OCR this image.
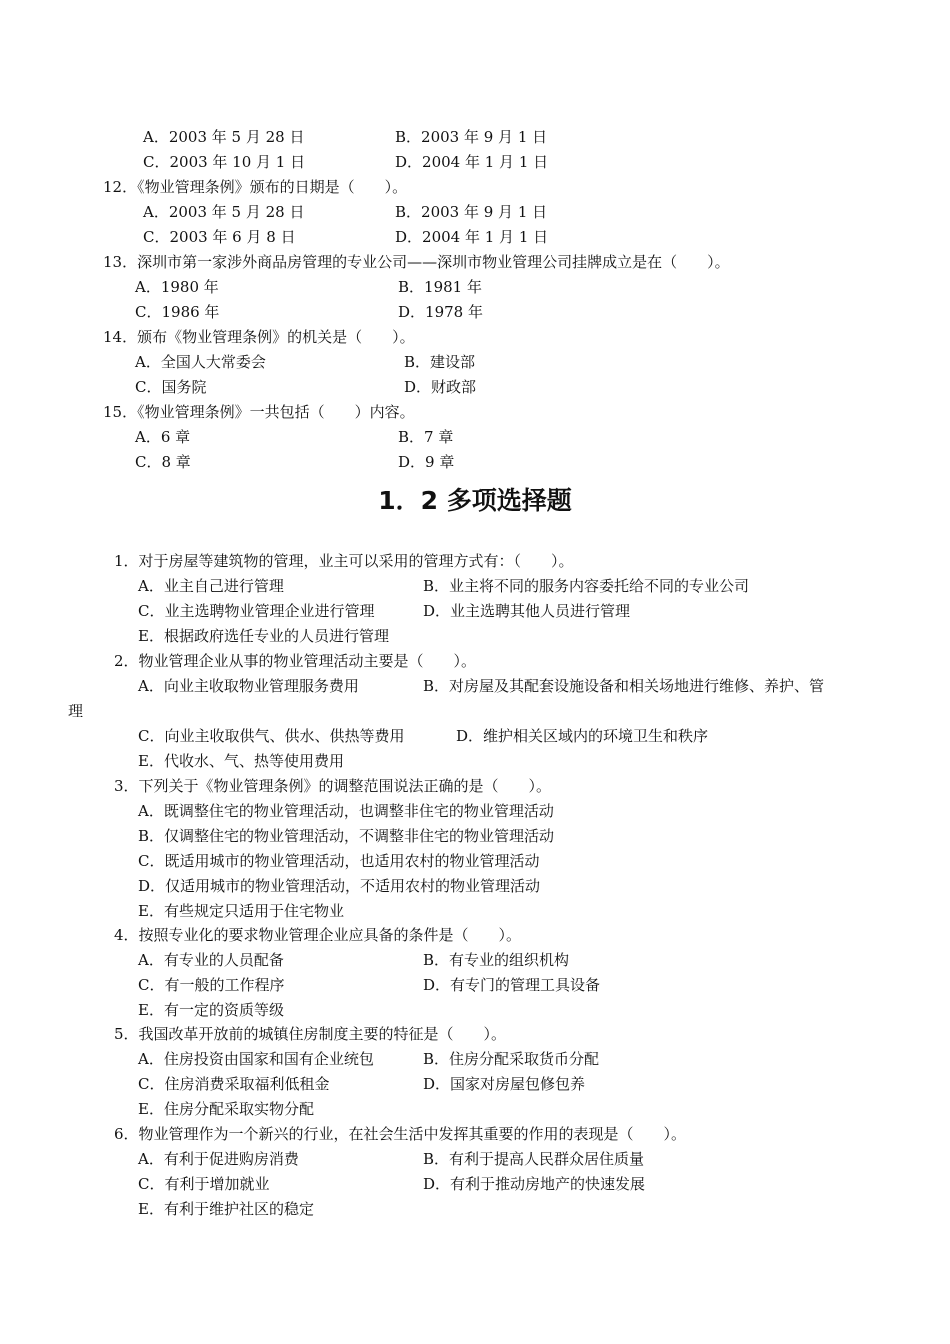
A．2003 年 5 月 28 日	B．2003 年 9 月 1 日
C．2003 年 10 月 1 日	D．2004 年 1 月 1 日
12．《物业管理条例》颁布的日期是（　　）。
A．2003 年 5 月 28 日	B．2003 年 9 月 1 日
C．2003 年 6 月 8 日	D．2004 年 1 月 1 日
13．深圳市第一家涉外商品房管理的专业公司——深圳市物业管理公司挂牌成立是在（　　）。
A．1980 年	B．1981 年
C．1986 年	D．1978 年
14．颁布《物业管理条例》的机关是（　　）。
A．全国人大常委会	B．建设部
C．国务院	D．财政部
15．《物业管理条例》一共包括（　　）内容。
A．6 章	B．7 章
C．8 章	D．9 章
1．2 多项选择题
1．对于房屋等建筑物的管理，业主可以采用的管理方式有：（　　）。
A．业主自己进行管理	B．业主将不同的服务内容委托给不同的专业公司
C．业主选聘物业管理企业进行管理	D．业主选聘其他人员进行管理
E．根据政府选任专业的人员进行管理
2．物业管理企业从事的物业管理活动主要是（　　）。
A．向业主收取物业管理服务费用	B．对房屋及其配套设施设备和相关场地进行维修、养护、管
理
C．向业主收取供气、供水、供热等费用	D．维护相关区域内的环境卫生和秩序
E．代收水、气、热等使用费用
3．下列关于《物业管理条例》的调整范围说法正确的是（　　）。
A．既调整住宅的物业管理活动，也调整非住宅的物业管理活动
B．仅调整住宅的物业管理活动，不调整非住宅的物业管理活动
C．既适用城市的物业管理活动，也适用农村的物业管理活动
D．仅适用城市的物业管理活动，不适用农村的物业管理活动
E．有些规定只适用于住宅物业
4．按照专业化的要求物业管理企业应具备的条件是（　　）。
A．有专业的人员配备	B．有专业的组织机构
C．有一般的工作程序	D．有专门的管理工具设备
E．有一定的资质等级
5．我国改革开放前的城镇住房制度主要的特征是（　　）。
A．住房投资由国家和国有企业统包	B．住房分配采取货币分配
C．住房消费采取福利低租金	D．国家对房屋包修包养
E．住房分配采取实物分配
6．物业管理作为一个新兴的行业，在社会生活中发挥其重要的作用的表现是（　　）。
A．有利于促进购房消费	B．有利于提高人民群众居住质量
C．有利于增加就业	D．有利于推动房地产的快速发展
E．有利于维护社区的稳定
